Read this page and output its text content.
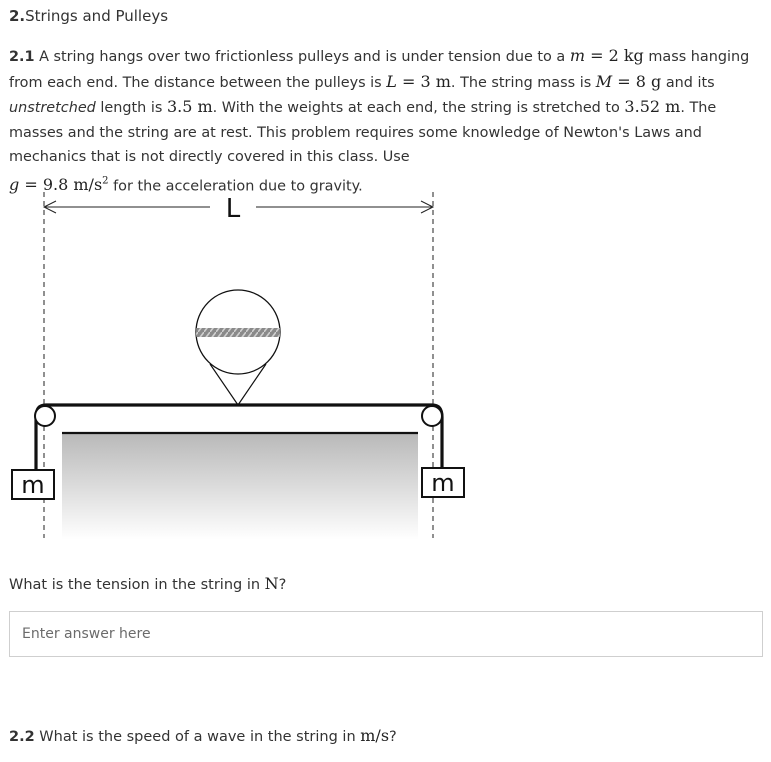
2.Strings and Pulleys
2.1 A string hangs over two frictionless pulleys and is under tension due to a m = 2 kg mass hanging from each end. The distance between the pulleys is L = 3 m. The string mass is M = 8 g and its unstretched length is 3.5 m. With the weights at each end, the string is stretched to 3.52 m. The masses and the string are at rest. This problem requires some knowledge of Newton's Laws and mechanics that is not directly covered in this class. Use
g = 9.8 $m/s^2$ for the acceleration due to gravity.
L
m	m
What is the tension in the string in N?
Enter answer here
2.2 What is the speed of a wave in the string in m/s?
